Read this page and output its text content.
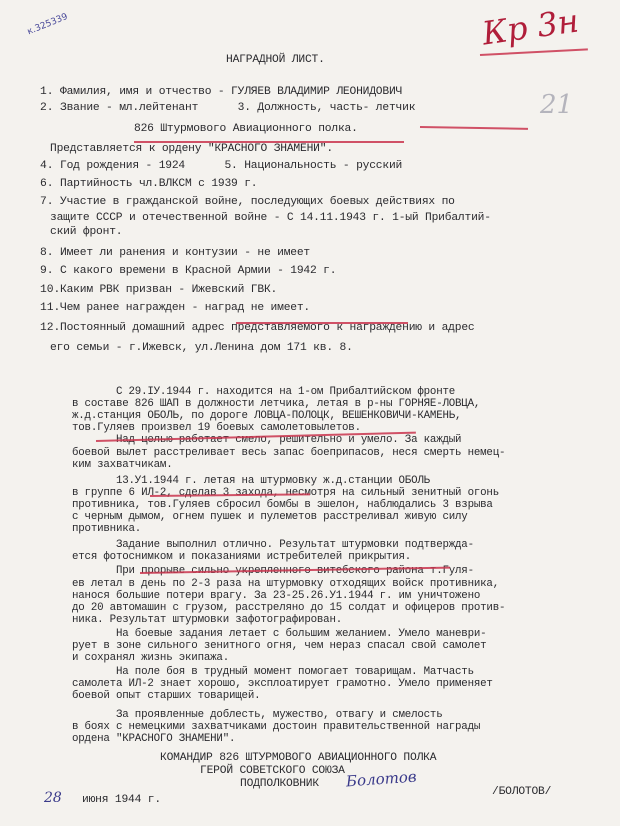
к.325339	Кр 3н
21
НАГРАДНОЙ ЛИСТ.
1. Фамилия, имя и отчество - ГУЛЯЕВ ВЛАДИМИР ЛЕОНИДОВИЧ
2. Звание - мл.лейтенант      3. Должность, часть- летчик
826 Штурмового Авиационного полка.
Представляется к ордену "КРАСНОГО ЗНАМЕНИ".
4. Год рождения - 1924      5. Национальность - русский
6. Партийность чл.ВЛКСМ с 1939 г.
7. Участие в гражданской войне, последующих боевых действиях по
защите СССР и отечественной войне - С 14.11.1943 г. 1-ый Прибалтий-
ский фронт.
8. Имеет ли ранения и контузии - не имеет
9. С какого времени в Красной Армии - 1942 г.
10. Каким РВК призван - Ижевский ГВК.
11. Чем ранее награжден - наград не имеет.
12. Постоянный домашний адрес представляемого к награждению и адрес
его семьи - г.Ижевск, ул.Ленина дом 171 кв. 8.
С 29.IУ.1944 г. находится на 1-ом Прибалтийском фронте
в составе 826 ШАП в должности летчика, летая в р-ны ГОРНЯЕ-ЛОВЦА,
ж.д.станция ОБОЛЬ, по дороге ЛОВЦА-ПОЛОЦК, ВЕШЕНКОВИЧИ-КАМЕНЬ,
тов.Гуляев произвел 19 боевых самолетовылетов.
Над целью работает смело, решительно и умело. За каждый
боевой вылет расстреливает весь запас боеприпасов, неся смерть немец-
ким захватчикам.
13.У1.1944 г. летая на штурмовку ж.д.станции ОБОЛЬ
в группе 6 ИЛ-2, сделав 3 захода, несмотря на сильный зенитный огонь
противника, тов.Гуляев сбросил бомбы в эшелон, наблюдались 3 взрыва
с черным дымом, огнем пушек и пулеметов расстреливал живую силу
противника.
Задание выполнил отлично. Результат штурмовки подтвержда-
ется фотоснимком и показаниями истребителей прикрытия.
При прорыве сильно укрепленного витебского района т.Гуля-
ев летал в день по 2-3 раза на штурмовку отходящих войск противника,
нанося большие потери врагу. За 23-25.26.У1.1944 г. им уничтожено
до 20 автомашин с грузом, расстреляно до 15 солдат и офицеров против-
ника. Результат штурмовки зафотографирован.
На боевые задания летает с большим желанием. Умело маневри-
рует в зоне сильного зенитного огня, чем нераз спасал свой самолет
и сохранял жизнь экипажа.
На поле боя в трудный момент помогает товарищам. Матчасть
самолета ИЛ-2 знает хорошо, эксплоатирует грамотно. Умело применяет
боевой опыт старших товарищей.
За проявленные доблесть, мужество, отвагу и смелость
в боях с немецкими захватчиками достоин правительственной награды
ордена "КРАСНОГО ЗНАМЕНИ".
КОМАНДИР 826 ШТУРМОВОГО АВИАЦИОННОГО ПОЛКА
ГЕРОЙ СОВЕТСКОГО СОЮЗА
ПОДПОЛКОВНИК Болотов
/БОЛОТОВ/
28 июня 1944 г.
